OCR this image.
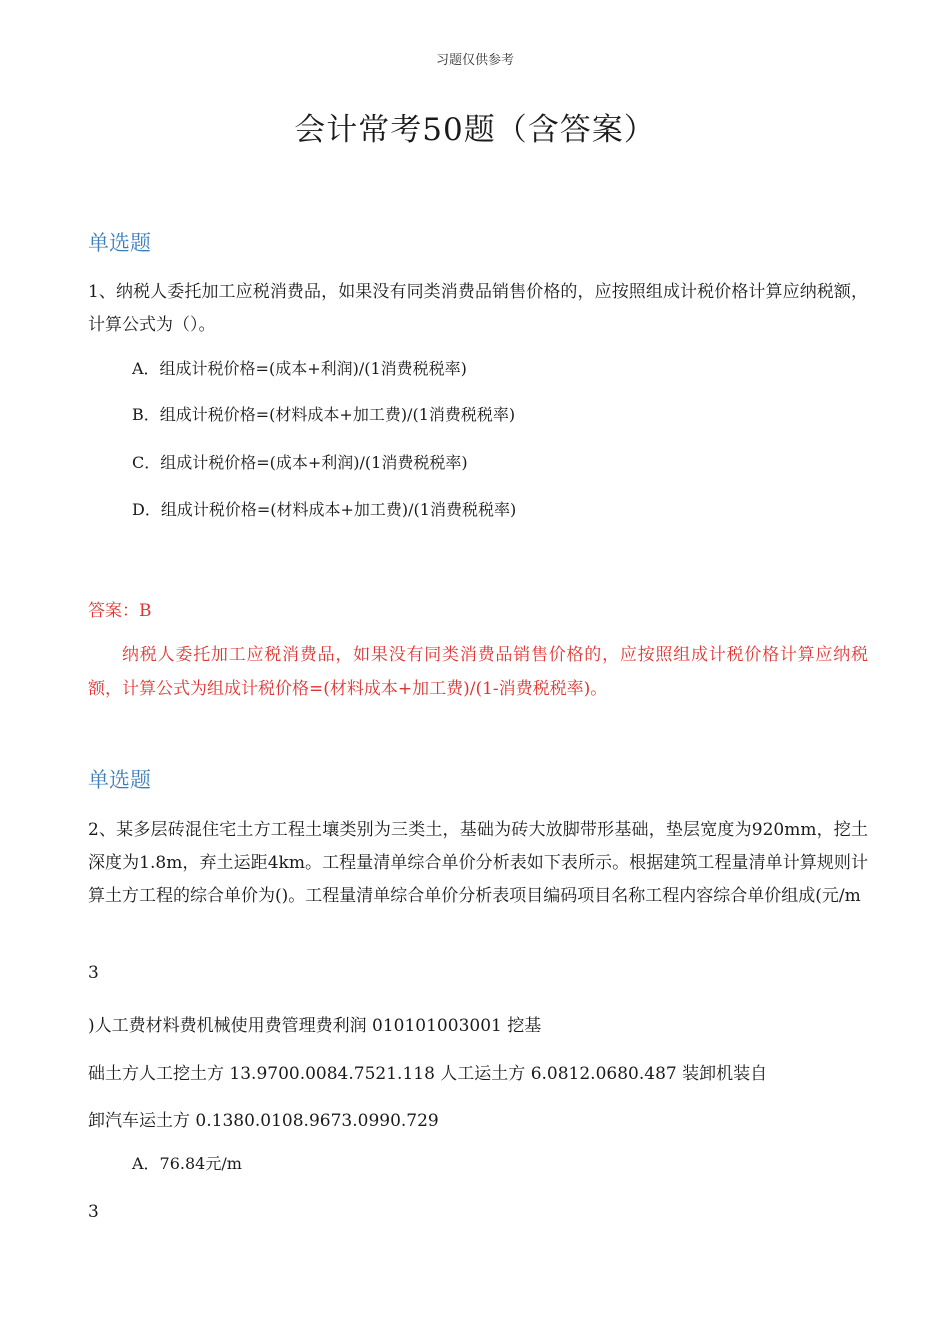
习题仅供参考
会计常考50题（含答案）
单选题
1、纳税人委托加工应税消费品，如果没有同类消费品销售价格的，应按照组成计税价格计算应纳税额，计算公式为（）。
A．组成计税价格=(成本+利润)/(1消费税税率)
B．组成计税价格=(材料成本+加工费)/(1消费税税率)
C．组成计税价格=(成本+利润)/(1消费税税率)
D．组成计税价格=(材料成本+加工费)/(1消费税税率)
答案：B
纳税人委托加工应税消费品，如果没有同类消费品销售价格的，应按照组成计税价格计算应纳税额，计算公式为组成计税价格=(材料成本+加工费)/(1-消费税税率)。
单选题
2、某多层砖混住宅土方工程土壤类别为三类土，基础为砖大放脚带形基础，垫层宽度为920mm，挖土深度为1.8m，弃土运距4km。工程量清单综合单价分析表如下表所示。根据建筑工程量清单计算规则计算土方工程的综合单价为()。工程量清单综合单价分析表项目编码项目名称工程内容综合单价组成(元/m
3
)人工费材料费机械使用费管理费利润 010101003001 挖基
础土方人工挖土方 13.9700.0084.7521.118 人工运土方 6.0812.0680.487 装卸机装自
卸汽车运土方 0.1380.0108.9673.0990.729
A．76.84元/m
3
